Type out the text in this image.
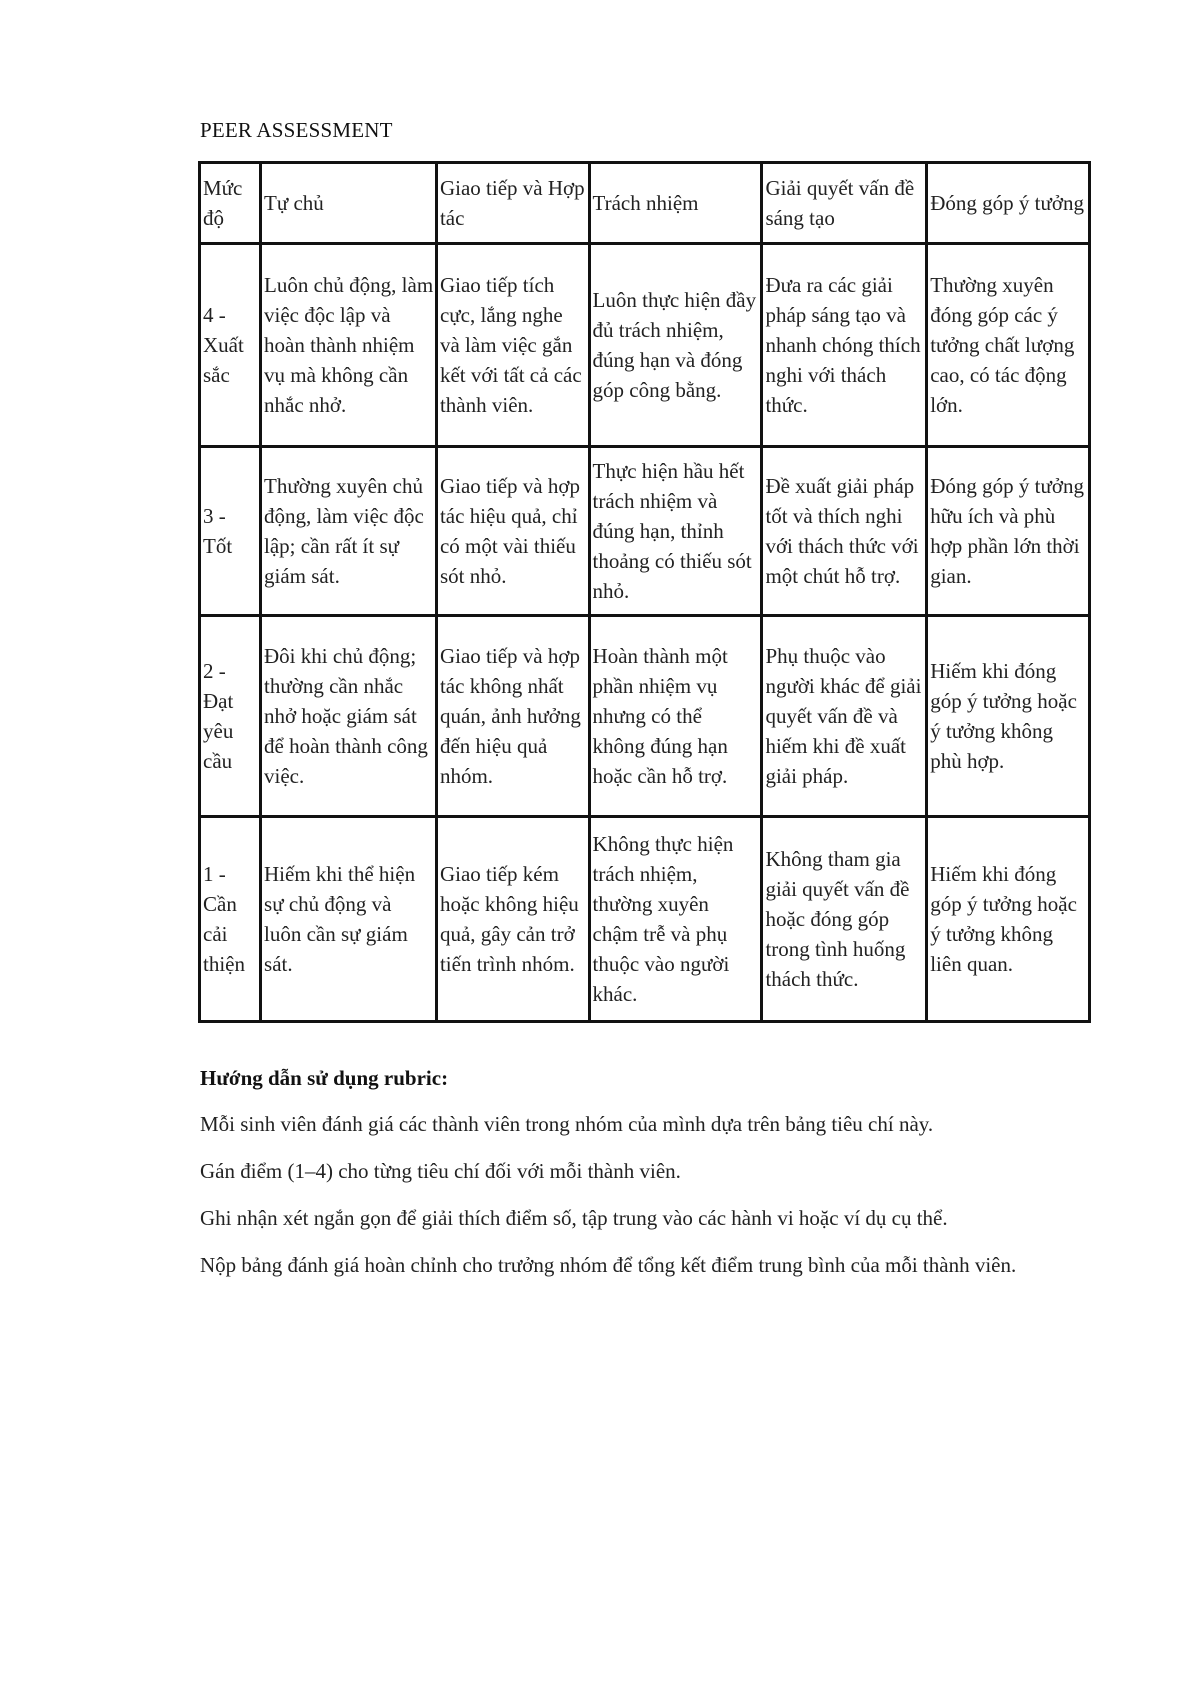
PEER ASSESSMENT
Mức độ	Tự chủ	Giao tiếp và Hợp tác	Trách nhiệm	Giải quyết vấn đề sáng tạo	Đóng góp ý tưởng
4 - Xuất sắc	Luôn chủ động, làm việc độc lập và hoàn thành nhiệm vụ mà không cần nhắc nhở.	Giao tiếp tích cực, lắng nghe và làm việc gắn kết với tất cả các thành viên.	Luôn thực hiện đầy đủ trách nhiệm, đúng hạn và đóng góp công bằng.	Đưa ra các giải pháp sáng tạo và nhanh chóng thích nghi với thách thức.	Thường xuyên đóng góp các ý tưởng chất lượng cao, có tác động lớn.
3 - Tốt	Thường xuyên chủ động, làm việc độc lập; cần rất ít sự giám sát.	Giao tiếp và hợp tác hiệu quả, chỉ có một vài thiếu sót nhỏ.	Thực hiện hầu hết trách nhiệm và đúng hạn, thỉnh thoảng có thiếu sót nhỏ.	Đề xuất giải pháp tốt và thích nghi với thách thức với một chút hỗ trợ.	Đóng góp ý tưởng hữu ích và phù hợp phần lớn thời gian.
2 - Đạt yêu cầu	Đôi khi chủ động; thường cần nhắc nhở hoặc giám sát để hoàn thành công việc.	Giao tiếp và hợp tác không nhất quán, ảnh hưởng đến hiệu quả nhóm.	Hoàn thành một phần nhiệm vụ nhưng có thể không đúng hạn hoặc cần hỗ trợ.	Phụ thuộc vào người khác để giải quyết vấn đề và hiếm khi đề xuất giải pháp.	Hiếm khi đóng góp ý tưởng hoặc ý tưởng không phù hợp.
1 - Cần cải thiện	Hiếm khi thể hiện sự chủ động và luôn cần sự giám sát.	Giao tiếp kém hoặc không hiệu quả, gây cản trở tiến trình nhóm.	Không thực hiện trách nhiệm, thường xuyên chậm trễ và phụ thuộc vào người khác.	Không tham gia giải quyết vấn đề hoặc đóng góp trong tình huống thách thức.	Hiếm khi đóng góp ý tưởng hoặc ý tưởng không liên quan.

Hướng dẫn sử dụng rubric:

Mỗi sinh viên đánh giá các thành viên trong nhóm của mình dựa trên bảng tiêu chí này.

Gán điểm (1–4) cho từng tiêu chí đối với mỗi thành viên.

Ghi nhận xét ngắn gọn để giải thích điểm số, tập trung vào các hành vi hoặc ví dụ cụ thể.

Nộp bảng đánh giá hoàn chỉnh cho trưởng nhóm để tổng kết điểm trung bình của mỗi thành viên.
